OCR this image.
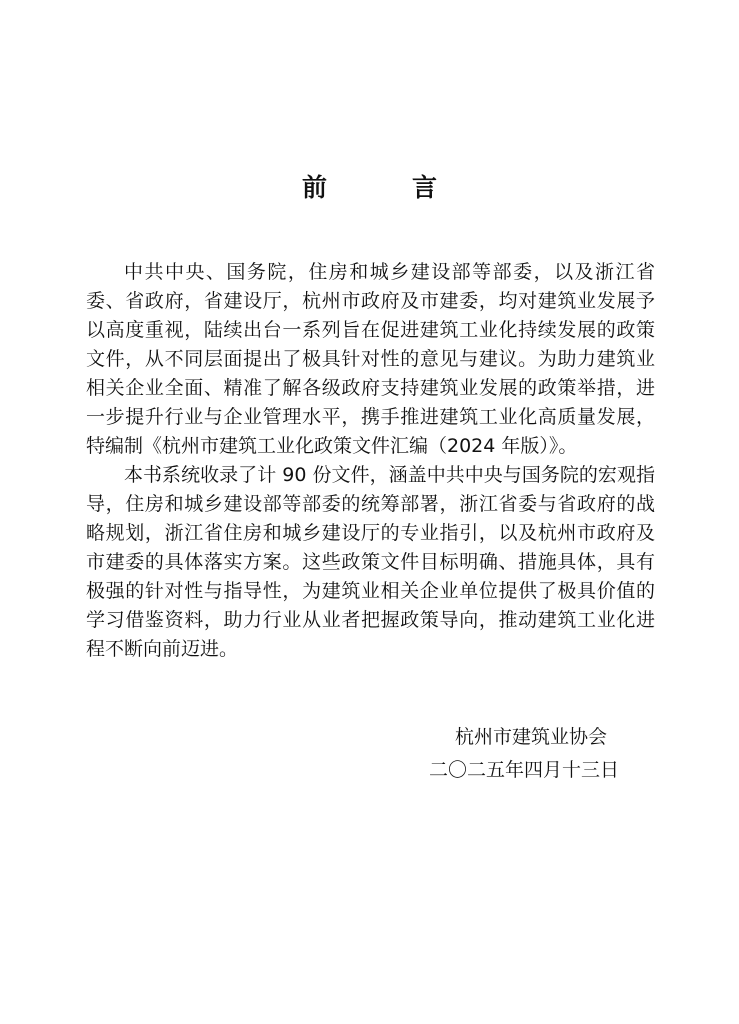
前　言

中共中央、国务院，住房和城乡建设部等部委，以及浙江省委、省政府，省建设厅，杭州市政府及市建委，均对建筑业发展予以高度重视，陆续出台一系列旨在促进建筑工业化持续发展的政策文件，从不同层面提出了极具针对性的意见与建议。为助力建筑业相关企业全面、精准了解各级政府支持建筑业发展的政策举措，进一步提升行业与企业管理水平，携手推进建筑工业化高质量发展，特编制《杭州市建筑工业化政策文件汇编（2024 年版）》。

本书系统收录了计 90 份文件，涵盖中共中央与国务院的宏观指导，住房和城乡建设部等部委的统筹部署，浙江省委与省政府的战略规划，浙江省住房和城乡建设厅的专业指引，以及杭州市政府及市建委的具体落实方案。这些政策文件目标明确、措施具体，具有极强的针对性与指导性，为建筑业相关企业单位提供了极具价值的学习借鉴资料，助力行业从业者把握政策导向，推动建筑工业化进程不断向前迈进。

杭州市建筑业协会
二〇二五年四月十三日
